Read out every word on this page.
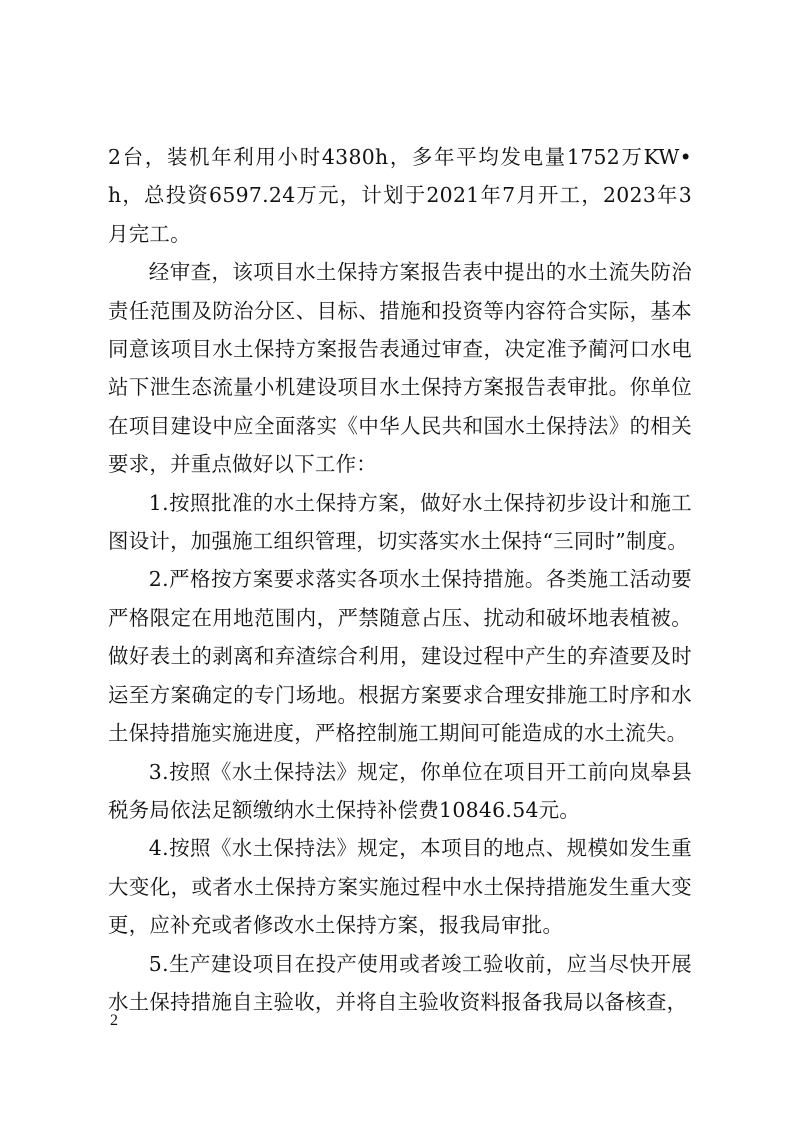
2台，装机年利用小时4380h，多年平均发电量1752万KW•h，总投资6597.24万元，计划于2021年7月开工，2023年3月完工。

经审查，该项目水土保持方案报告表中提出的水土流失防治责任范围及防治分区、目标、措施和投资等内容符合实际，基本同意该项目水土保持方案报告表通过审查，决定准予蔺河口水电站下泄生态流量小机建设项目水土保持方案报告表审批。你单位在项目建设中应全面落实《中华人民共和国水土保持法》的相关要求，并重点做好以下工作：

1.按照批准的水土保持方案，做好水土保持初步设计和施工图设计，加强施工组织管理，切实落实水土保持“三同时”制度。

2.严格按方案要求落实各项水土保持措施。各类施工活动要严格限定在用地范围内，严禁随意占压、扰动和破坏地表植被。做好表土的剥离和弃渣综合利用，建设过程中产生的弃渣要及时运至方案确定的专门场地。根据方案要求合理安排施工时序和水土保持措施实施进度，严格控制施工期间可能造成的水土流失。

3.按照《水土保持法》规定，你单位在项目开工前向岚皋县税务局依法足额缴纳水土保持补偿费10846.54元。

4.按照《水土保持法》规定，本项目的地点、规模如发生重大变化，或者水土保持方案实施过程中水土保持措施发生重大变更，应补充或者修改水土保持方案，报我局审批。

5.生产建设项目在投产使用或者竣工验收前，应当尽快开展水土保持措施自主验收，并将自主验收资料报备我局以备核查，

2
